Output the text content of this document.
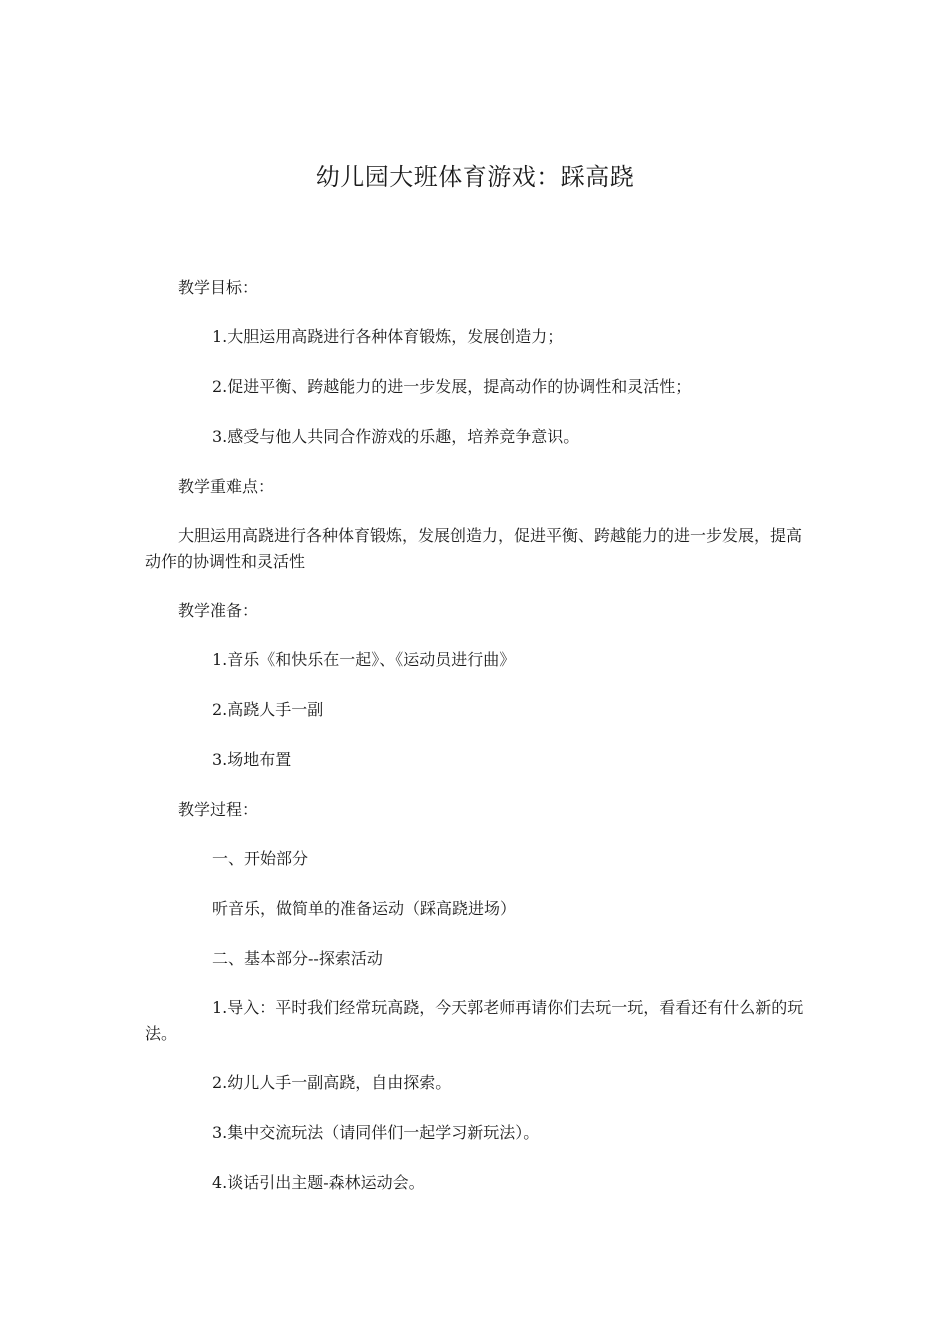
幼儿园大班体育游戏：踩高跷
教学目标：
1.大胆运用高跷进行各种体育锻炼，发展创造力；
2.促进平衡、跨越能力的进一步发展，提高动作的协调性和灵活性；
3.感受与他人共同合作游戏的乐趣，培养竞争意识。
教学重难点：
大胆运用高跷进行各种体育锻炼，发展创造力，促进平衡、跨越能力的进一步发展，提高动作的协调性和灵活性
教学准备：
1.音乐《和快乐在一起》、《运动员进行曲》
2.高跷人手一副
3.场地布置
教学过程：
一、开始部分
听音乐，做简单的准备运动（踩高跷进场）
二、基本部分--探索活动
1.导入：平时我们经常玩高跷，今天郭老师再请你们去玩一玩，看看还有什么新的玩法。
2.幼儿人手一副高跷，自由探索。
3.集中交流玩法（请同伴们一起学习新玩法）。
4.谈话引出主题-森林运动会。
